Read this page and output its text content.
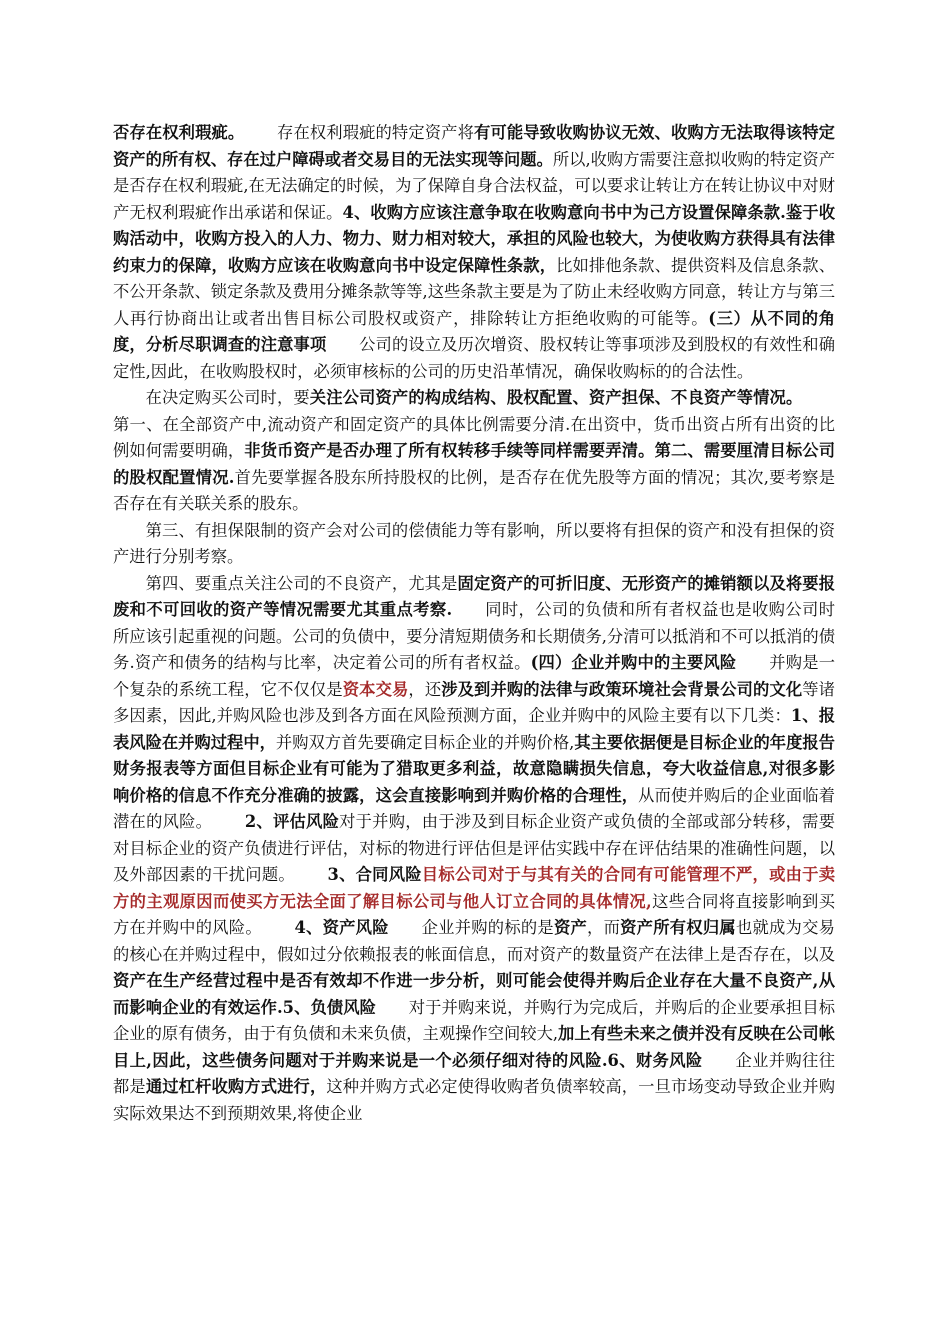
否存在权利瑕疵。 存在权利瑕疵的特定资产将有可能导致收购协议无效、收购方无法取得该特定资产的所有权、存在过户障碍或者交易目的无法实现等问题。所以,收购方需要注意拟收购的特定资产是否存在权利瑕疵,在无法确定的时候，为了保障自身合法权益，可以要求让转让方在转让协议中对财产无权利瑕疵作出承诺和保证。4、收购方应该注意争取在收购意向书中为己方设置保障条款.鉴于收购活动中，收购方投入的人力、物力、财力相对较大，承担的风险也较大，为使收购方获得具有法律约束力的保障，收购方应该在收购意向书中设定保障性条款，比如排他条款、提供资料及信息条款、不公开条款、锁定条款及费用分摊条款等等,这些条款主要是为了防止未经收购方同意，转让方与第三人再行协商出让或者出售目标公司股权或资产，排除转让方拒绝收购的可能等。(三）从不同的角度，分析尽职调查的注意事项 公司的设立及历次增资、股权转让等事项涉及到股权的有效性和确定性,因此，在收购股权时，必须审核标的公司的历史沿革情况，确保收购标的的合法性。

在决定购买公司时，要关注公司资产的构成结构、股权配置、资产担保、不良资产等情况。第一、在全部资产中,流动资产和固定资产的具体比例需要分清.在出资中，货币出资占所有出资的比例如何需要明确，非货币资产是否办理了所有权转移手续等同样需要弄清。第二、需要厘清目标公司的股权配置情况.首先要掌握各股东所持股权的比例，是否存在优先股等方面的情况；其次,要考察是否存在有关联关系的股东。

第三、有担保限制的资产会对公司的偿债能力等有影响，所以要将有担保的资产和没有担保的资产进行分别考察。

第四、要重点关注公司的不良资产，尤其是固定资产的可折旧度、无形资产的摊销额以及将要报废和不可回收的资产等情况需要尤其重点考察. 同时，公司的负债和所有者权益也是收购公司时所应该引起重视的问题。公司的负债中，要分清短期债务和长期债务,分清可以抵消和不可以抵消的债务.资产和债务的结构与比率，决定着公司的所有者权益。(四）企业并购中的主要风险 并购是一个复杂的系统工程，它不仅仅是资本交易，还涉及到并购的法律与政策环境社会背景公司的文化等诸多因素，因此,并购风险也涉及到各方面在风险预测方面，企业并购中的风险主要有以下几类：1、报表风险在并购过程中，并购双方首先要确定目标企业的并购价格,其主要依据便是目标企业的年度报告财务报表等方面但目标企业有可能为了猎取更多利益，故意隐瞒损失信息，夸大收益信息,对很多影响价格的信息不作充分准确的披露，这会直接影响到并购价格的合理性，从而使并购后的企业面临着潜在的风险。 2、评估风险对于并购，由于涉及到目标企业资产或负债的全部或部分转移，需要对目标企业的资产负债进行评估，对标的物进行评估但是评估实践中存在评估结果的准确性问题，以及外部因素的干扰问题。 3、合同风险目标公司对于与其有关的合同有可能管理不严，或由于卖方的主观原因而使买方无法全面了解目标公司与他人订立合同的具体情况,这些合同将直接影响到买方在并购中的风险。 4、资产风险 企业并购的标的是资产，而资产所有权归属也就成为交易的核心在并购过程中，假如过分依赖报表的帐面信息，而对资产的数量资产在法律上是否存在，以及资产在生产经营过程中是否有效却不作进一步分析，则可能会使得并购后企业存在大量不良资产,从而影响企业的有效运作.5、负债风险 对于并购来说，并购行为完成后，并购后的企业要承担目标企业的原有债务，由于有负债和未来负债，主观操作空间较大,加上有些未来之债并没有反映在公司帐目上,因此，这些债务问题对于并购来说是一个必须仔细对待的风险.6、财务风险 企业并购往往都是通过杠杆收购方式进行，这种并购方式必定使得收购者负债率较高，一旦市场变动导致企业并购实际效果达不到预期效果,将使企业
